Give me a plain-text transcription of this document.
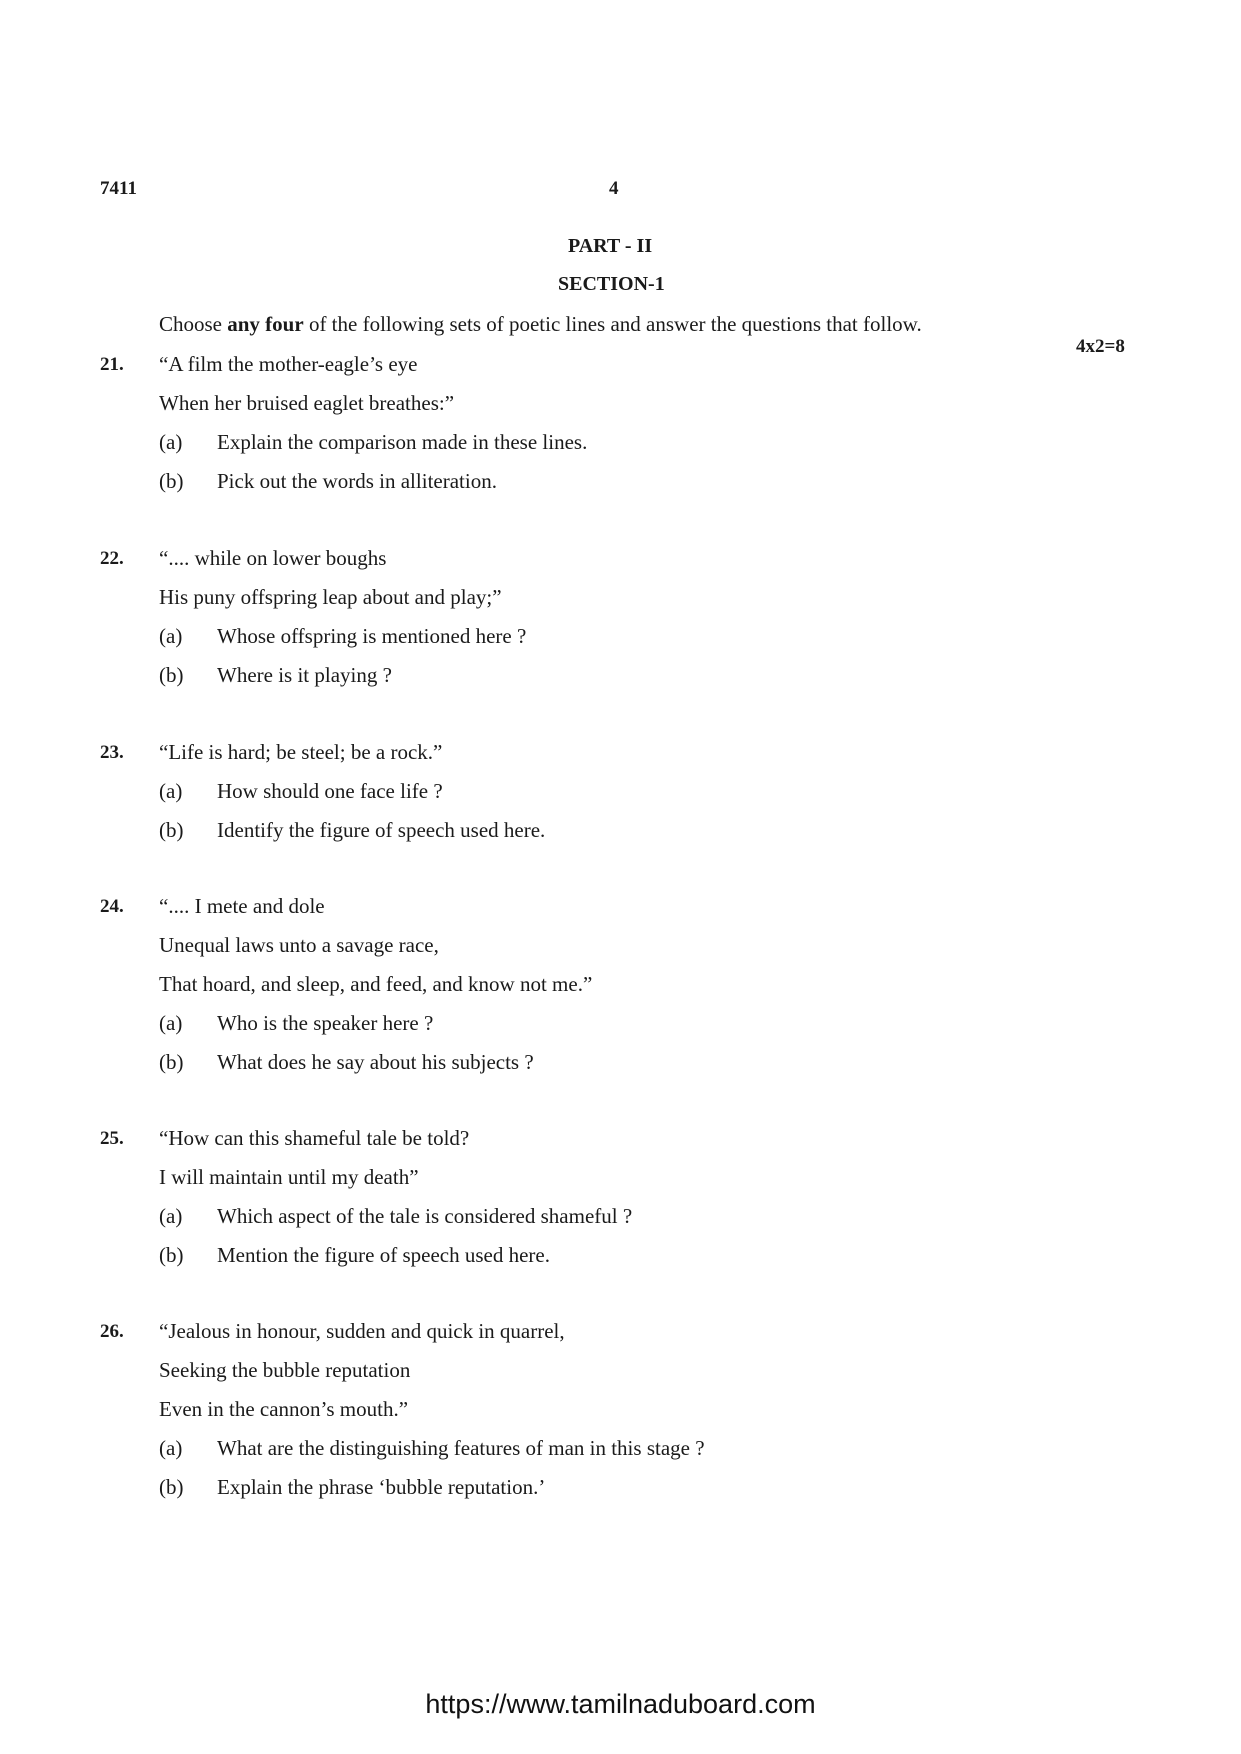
7411	4
PART - II
SECTION-1
Choose any four of the following sets of poetic lines and answer the questions that follow.
4x2=8
21. “A film the mother-eagle’s eye
When her bruised eaglet breathes:”
(a) Explain the comparison made in these lines.
(b) Pick out the words in alliteration.
22. “.... while on lower boughs
His puny offspring leap about and play;”
(a) Whose offspring is mentioned here ?
(b) Where is it playing ?
23. “Life is hard; be steel; be a rock.”
(a) How should one face life ?
(b) Identify the figure of speech used here.
24. “.... I mete and dole
Unequal laws unto a savage race,
That hoard, and sleep, and feed, and know not me.”
(a) Who is the speaker here ?
(b) What does he say about his subjects ?
25. “How can this shameful tale be told?
I will maintain until my death”
(a) Which aspect of the tale is considered shameful ?
(b) Mention the figure of speech used here.
26. “Jealous in honour, sudden and quick in quarrel,
Seeking the bubble reputation
Even in the cannon’s mouth.”
(a) What are the distinguishing features of man in this stage ?
(b) Explain the phrase ‘bubble reputation.’
https://www.tamilnaduboard.com
